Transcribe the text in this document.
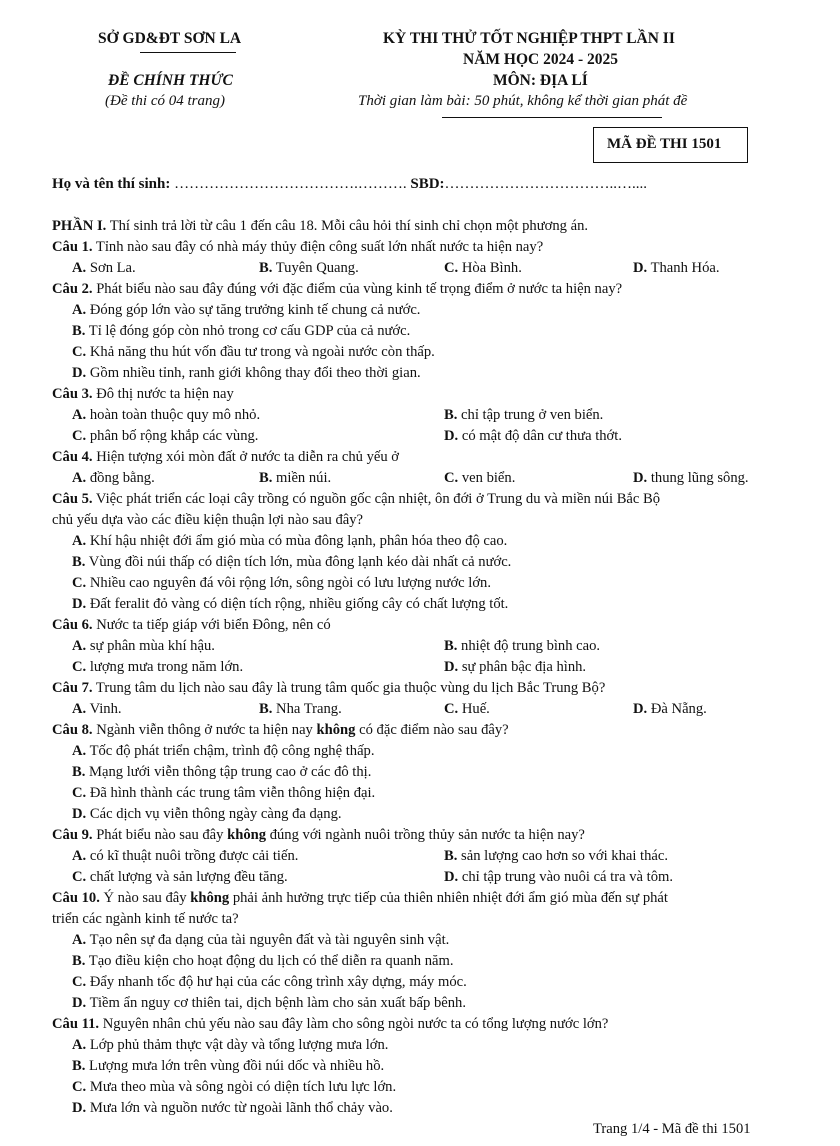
SỞ GD&ĐT SƠN LA
ĐỀ CHÍNH THỨC
(Đề thi có 04 trang)
KỲ THI THỬ TỐT NGHIỆP THPT LẦN II
NĂM HỌC 2024 - 2025
MÔN: ĐỊA LÍ
Thời gian làm bài: 50 phút, không kể thời gian phát đề
MÃ ĐỀ THI 1501
Họ và tên thí sinh: ……………………………….………. SBD:……………………………..…....
PHẦN I. Thí sinh trả lời từ câu 1 đến câu 18. Mỗi câu hỏi thí sinh chỉ chọn một phương án.
Câu 1. Tỉnh nào sau đây có nhà máy thủy điện công suất lớn nhất nước ta hiện nay?
A. Sơn La.	B. Tuyên Quang.	C. Hòa Bình.	D. Thanh Hóa.
Câu 2. Phát biểu nào sau đây đúng với đặc điểm của vùng kinh tế trọng điểm ở nước ta hiện nay?
A. Đóng góp lớn vào sự tăng trưởng kinh tế chung cả nước.
B. Tỉ lệ đóng góp còn nhỏ trong cơ cấu GDP của cả nước.
C. Khả năng thu hút vốn đầu tư trong và ngoài nước còn thấp.
D. Gồm nhiều tỉnh, ranh giới không thay đổi theo thời gian.
Câu 3. Đô thị nước ta hiện nay
A. hoàn toàn thuộc quy mô nhỏ.	B. chỉ tập trung ở ven biển.
C. phân bố rộng khắp các vùng.	D. có mật độ dân cư thưa thớt.
Câu 4. Hiện tượng xói mòn đất ở nước ta diễn ra chủ yếu ở
A. đồng bằng.	B. miền núi.	C. ven biển.	D. thung lũng sông.
Câu 5. Việc phát triển các loại cây trồng có nguồn gốc cận nhiệt, ôn đới ở Trung du và miền núi Bắc Bộ
chủ yếu dựa vào các điều kiện thuận lợi nào sau đây?
A. Khí hậu nhiệt đới ẩm gió mùa có mùa đông lạnh, phân hóa theo độ cao.
B. Vùng đồi núi thấp có diện tích lớn, mùa đông lạnh kéo dài nhất cả nước.
C. Nhiều cao nguyên đá vôi rộng lớn, sông ngòi có lưu lượng nước lớn.
D. Đất feralit đỏ vàng có diện tích rộng, nhiều giống cây có chất lượng tốt.
Câu 6. Nước ta tiếp giáp với biển Đông, nên có
A. sự phân mùa khí hậu.	B. nhiệt độ trung bình cao.
C. lượng mưa trong năm lớn.	D. sự phân bậc địa hình.
Câu 7. Trung tâm du lịch nào sau đây là trung tâm quốc gia thuộc vùng du lịch Bắc Trung Bộ?
A. Vinh.	B. Nha Trang.	C. Huế.	D. Đà Nẵng.
Câu 8. Ngành viễn thông ở nước ta hiện nay không có đặc điểm nào sau đây?
A. Tốc độ phát triển chậm, trình độ công nghệ thấp.
B. Mạng lưới viễn thông tập trung cao ở các đô thị.
C. Đã hình thành các trung tâm viễn thông hiện đại.
D. Các dịch vụ viễn thông ngày càng đa dạng.
Câu 9. Phát biểu nào sau đây không đúng với ngành nuôi trồng thủy sản nước ta hiện nay?
A. có kĩ thuật nuôi trồng được cải tiến.	B. sản lượng cao hơn so với khai thác.
C. chất lượng và sản lượng đều tăng.	D. chỉ tập trung vào nuôi cá tra và tôm.
Câu 10. Ý nào sau đây không phải ảnh hưởng trực tiếp của thiên nhiên nhiệt đới ẩm gió mùa đến sự phát
triển các ngành kinh tế nước ta?
A. Tạo nên sự đa dạng của tài nguyên đất và tài nguyên sinh vật.
B. Tạo điều kiện cho hoạt động du lịch có thể diễn ra quanh năm.
C. Đẩy nhanh tốc độ hư hại của các công trình xây dựng, máy móc.
D. Tiềm ẩn nguy cơ thiên tai, dịch bệnh làm cho sản xuất bấp bênh.
Câu 11. Nguyên nhân chủ yếu nào sau đây làm cho sông ngòi nước ta có tổng lượng nước lớn?
A. Lớp phủ thảm thực vật dày và tổng lượng mưa lớn.
B. Lượng mưa lớn trên vùng đồi núi dốc và nhiều hồ.
C. Mưa theo mùa và sông ngòi có diện tích lưu lực lớn.
D. Mưa lớn và nguồn nước từ ngoài lãnh thổ chảy vào.
Trang 1/4 - Mã đề thi 1501
